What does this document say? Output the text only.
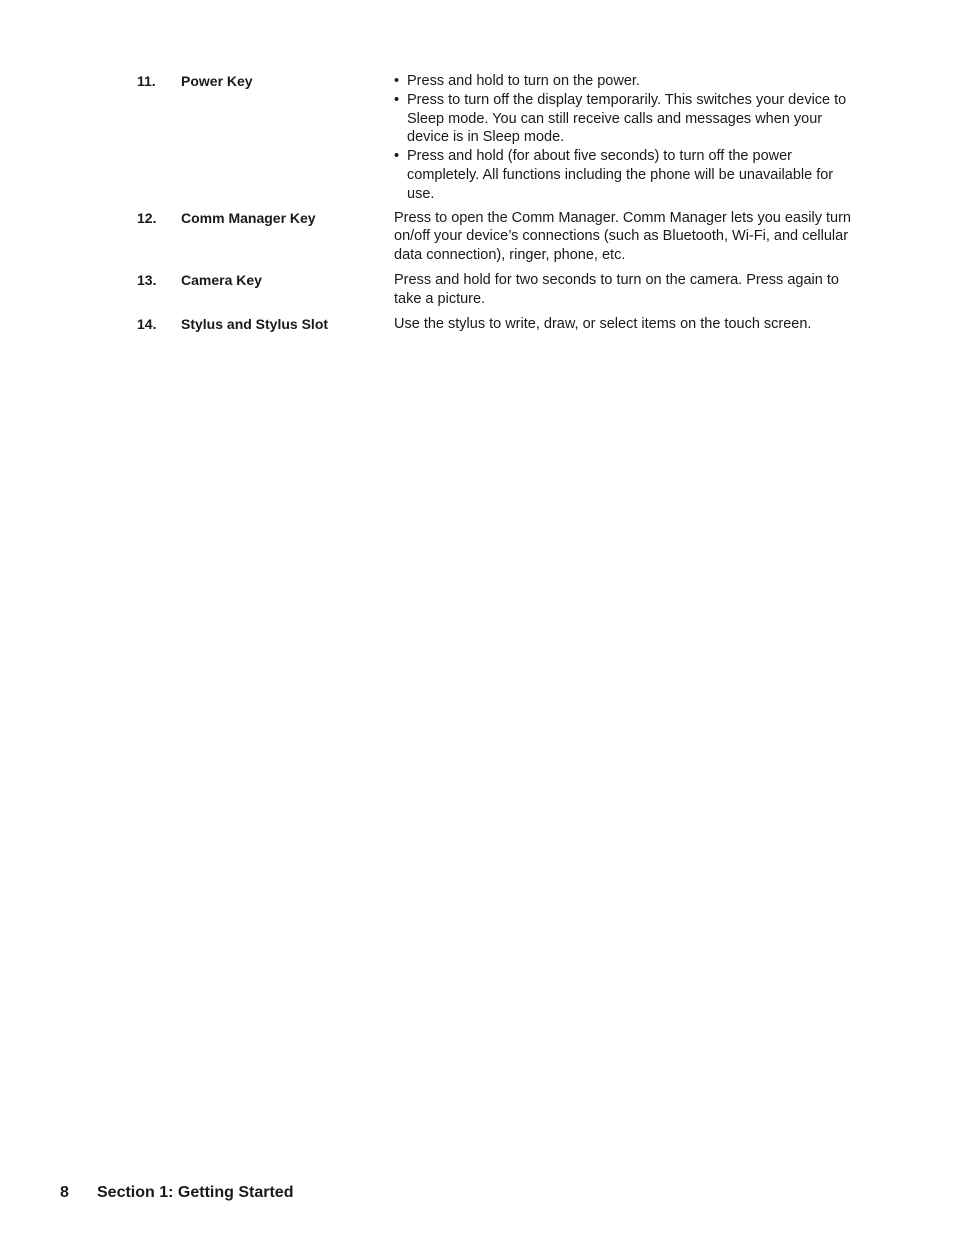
11. Power Key	• Press and hold to turn on the power.
• Press to turn off the display temporarily. This switches your device to Sleep mode. You can still receive calls and messages when your device is in Sleep mode.
• Press and hold (for about five seconds) to turn off the power completely. All functions including the phone will be unavailable for use.
12. Comm Manager Key	Press to open the Comm Manager. Comm Manager lets you easily turn on/off your device’s connections (such as Bluetooth, Wi-Fi, and cellular data connection), ringer, phone, etc.

13. Camera Key	Press and hold for two seconds to turn on the camera. Press again to take a picture.

14. Stylus and Stylus Slot	Use the stylus to write, draw, or select items on the touch screen.

8 Section 1: Getting Started
